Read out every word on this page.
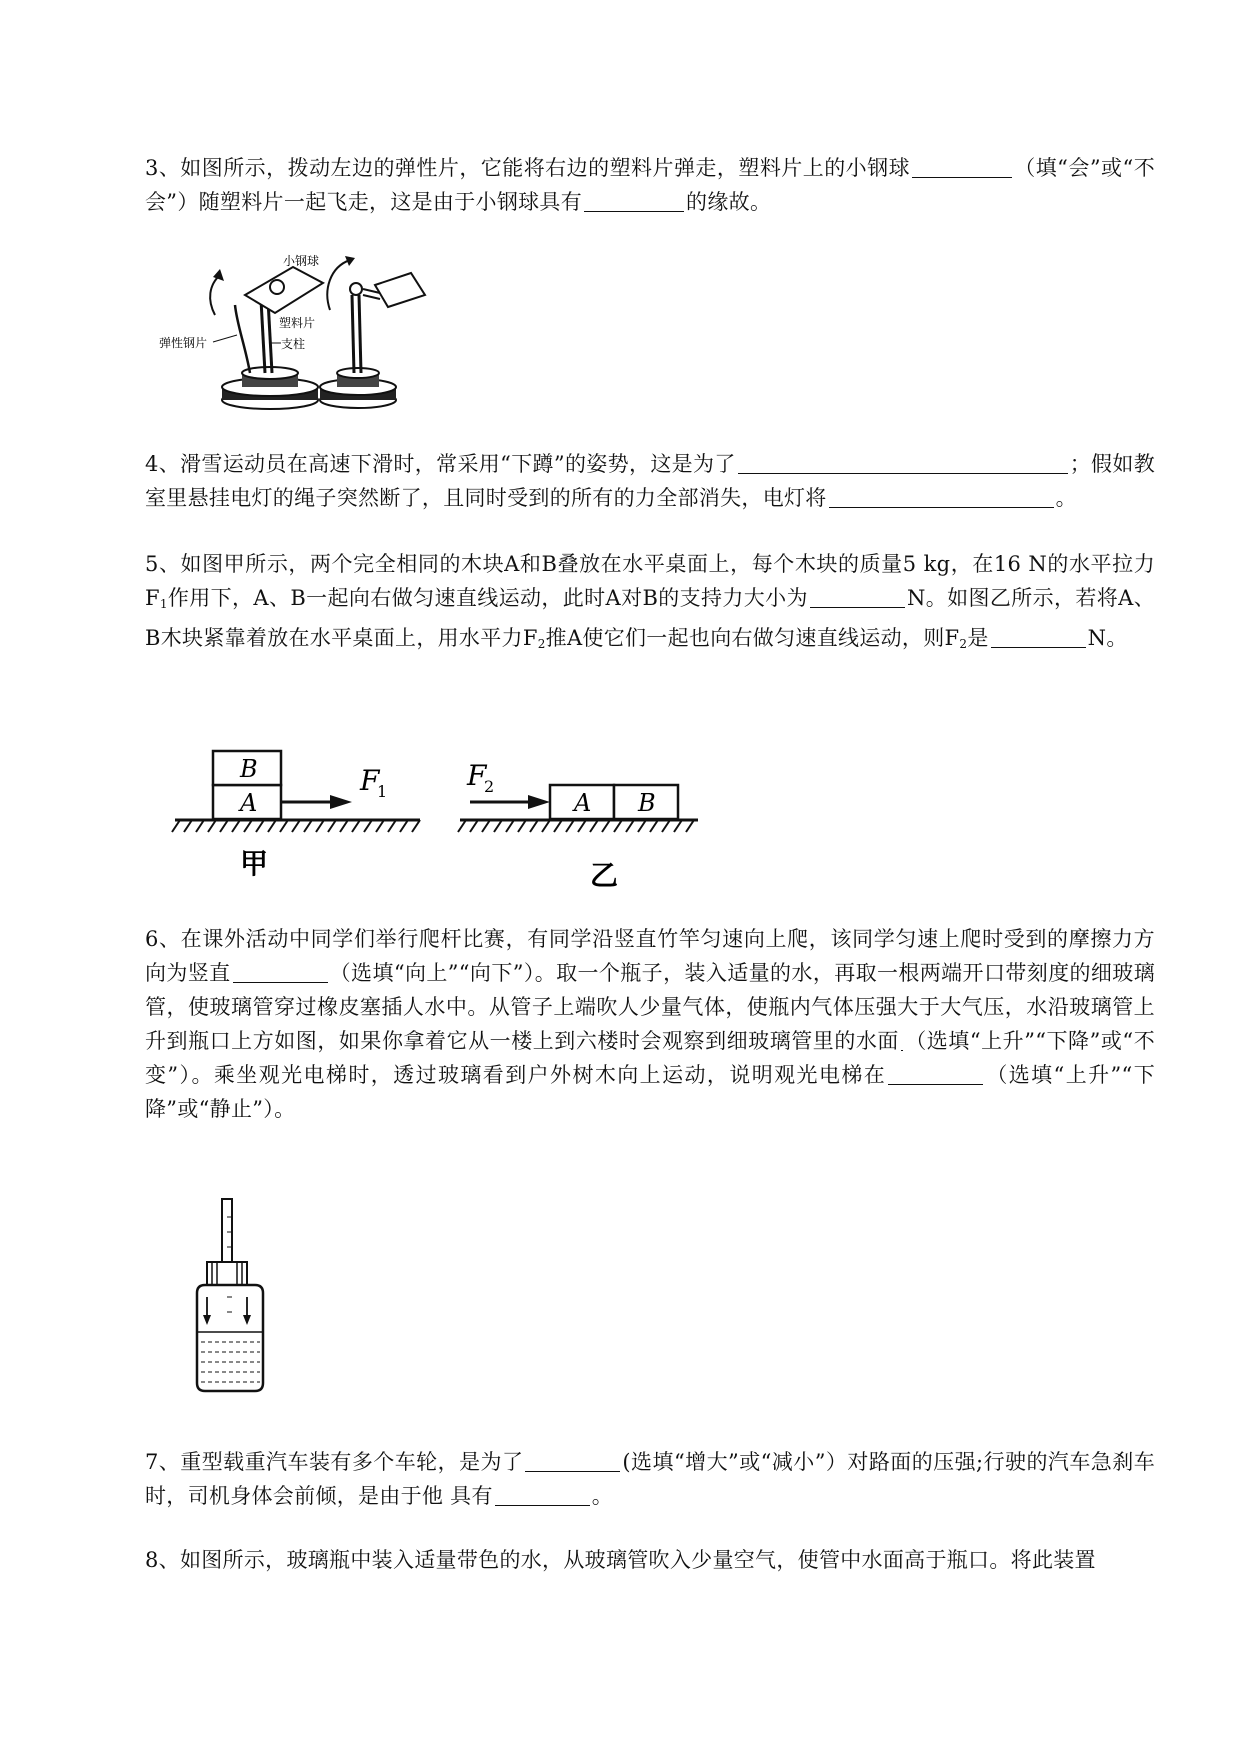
3、如图所示，拨动左边的弹性片，它能将右边的塑料片弹走，塑料片上的小钢球	（填“会”或“不会”）随塑料片一起飞走，这是由于小钢球具有	的缘故。
小钢球
塑料片
支柱
弹性钢片
4、滑雪运动员在高速下滑时，常采用“下蹲”的姿势，这是为了	；假如教室里悬挂电灯的绳子突然断了，且同时受到的所有的力全部消失，电灯将	。
5、如图甲所示，两个完全相同的木块A和B叠放在水平桌面上，每个木块的质量5 kg，在16 N的水平拉力$F_1$作用下，A、B一起向右做匀速直线运动，此时A对B的支持力大小为	N。如图乙所示，若将A、B木块紧靠着放在水平桌面上，用水平力$F_2$推A使它们一起也向右做匀速直线运动，则$F_2$是	N。
A
B	F
1
甲
A B
F
2
乙
6、在课外活动中同学们举行爬杆比赛，有同学沿竖直竹竿匀速向上爬，该同学匀速上爬时受到的摩擦力方向为竖直	（选填“向上”“向下”）。取一个瓶子，装入适量的水，再取一根两端开口带刻度的细玻璃管，使玻璃管穿过橡皮塞插人水中。从管子上端吹人少量气体，使瓶内气体压强大于大气压，水沿玻璃管上升到瓶口上方如图，如果你拿着它从一楼上到六楼时会观察到细玻璃管里的水面 （选填“上升”“下降”或“不变”）。乘坐观光电梯时，透过玻璃看到户外树木向上运动，说明观光电梯在	（选填“上升”“下降”或“静止”）。
7、重型载重汽车装有多个车轮，是为了	(选填“增大”或“减小”）对路面的压强;行驶的汽车急刹车时，司机身体会前倾，是由于他 具有	。
8、如图所示，玻璃瓶中装入适量带色的水，从玻璃管吹入少量空气，使管中水面高于瓶口。将此装置
